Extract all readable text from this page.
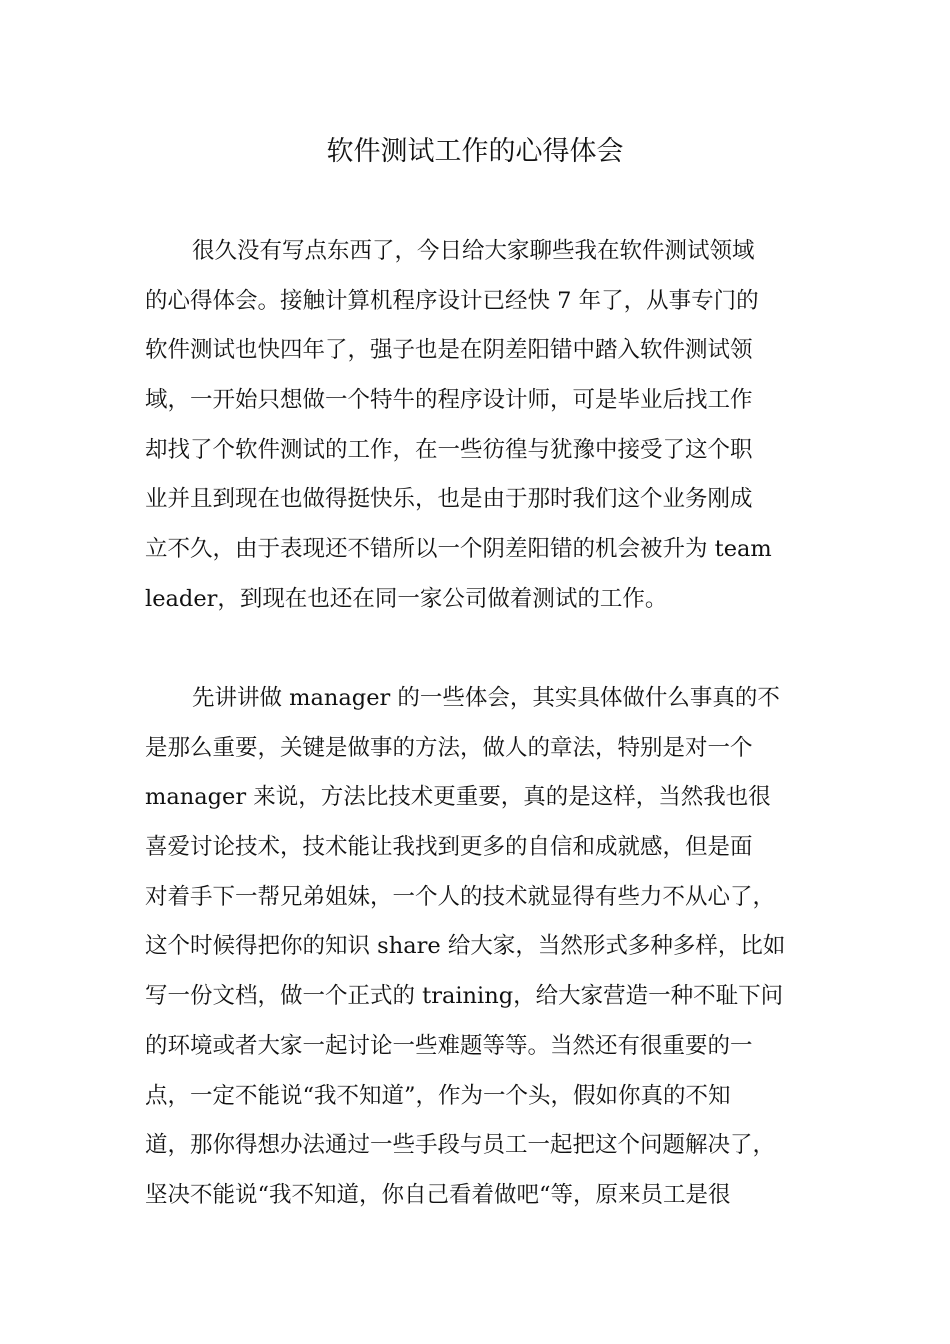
软件测试工作的心得体会
很久没有写点东西了，今日给大家聊些我在软件测试领域
的心得体会。接触计算机程序设计已经快 7 年了，从事专门的
软件测试也快四年了，强子也是在阴差阳错中踏入软件测试领
域，一开始只想做一个特牛的程序设计师，可是毕业后找工作
却找了个软件测试的工作，在一些彷徨与犹豫中接受了这个职
业并且到现在也做得挺快乐，也是由于那时我们这个业务刚成
立不久，由于表现还不错所以一个阴差阳错的机会被升为 team
leader，到现在也还在同一家公司做着测试的工作。
先讲讲做 manager 的一些体会，其实具体做什么事真的不
是那么重要，关键是做事的方法，做人的章法，特别是对一个
manager 来说，方法比技术更重要，真的是这样，当然我也很
喜爱讨论技术，技术能让我找到更多的自信和成就感，但是面
对着手下一帮兄弟姐妹，一个人的技术就显得有些力不从心了，
这个时候得把你的知识 share 给大家，当然形式多种多样，比如
写一份文档，做一个正式的 training，给大家营造一种不耻下问
的环境或者大家一起讨论一些难题等等。当然还有很重要的一
点，一定不能说“我不知道”，作为一个头，假如你真的不知
道，那你得想办法通过一些手段与员工一起把这个问题解决了，
坚决不能说“我不知道，你自己看着做吧“等，原来员工是很
